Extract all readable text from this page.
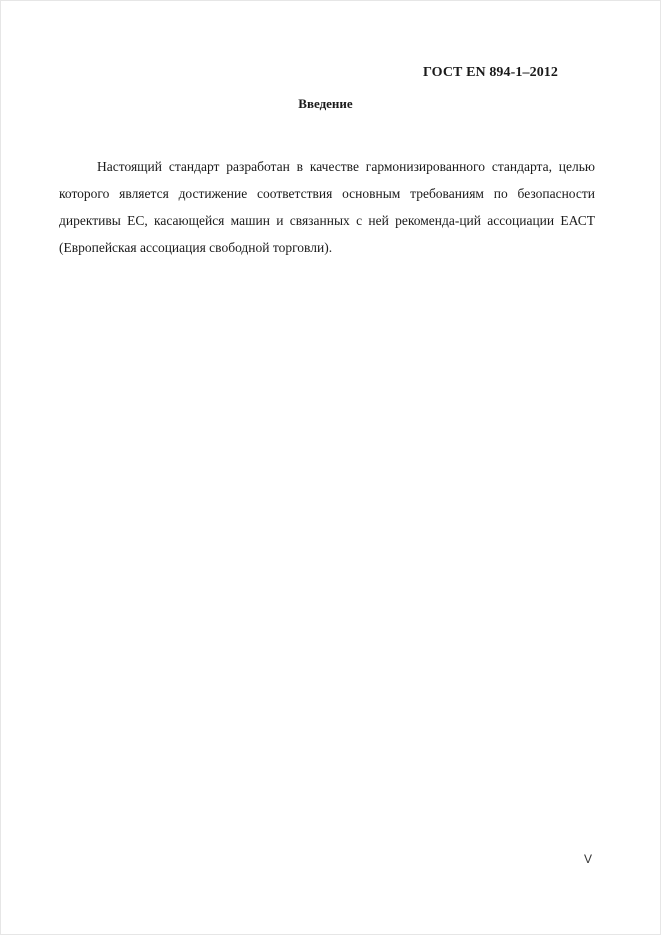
ГОСТ EN 894-1–2012
Введение

Настоящий стандарт разработан в качестве гармонизированного стандарта, целью которого является достижение соответствия основным требованиям по безопасности директивы ЕС, касающейся машин и связанных с ней рекоменда-ций ассоциации ЕАСТ (Европейская ассоциация свободной торговли).

V
